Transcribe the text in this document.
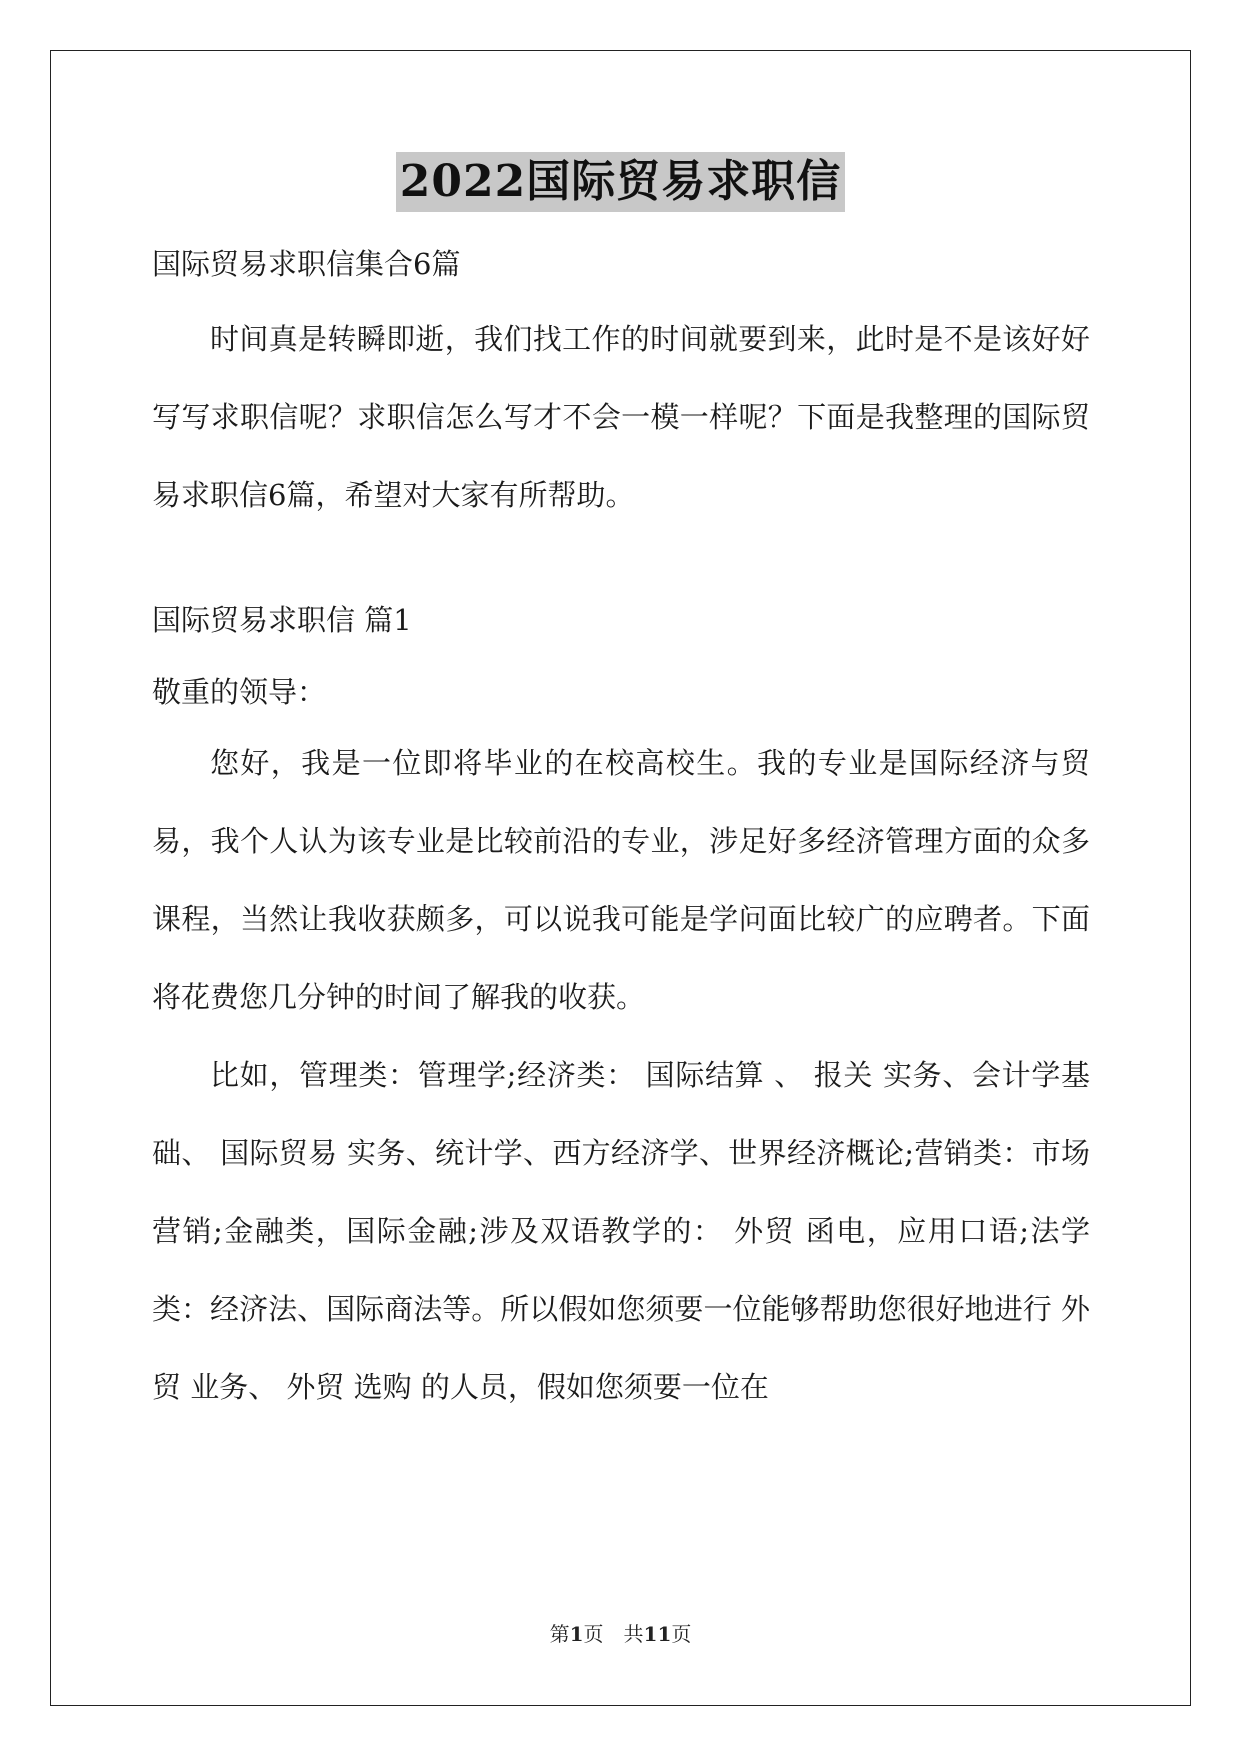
2022国际贸易求职信

国际贸易求职信集合6篇

时间真是转瞬即逝，我们找工作的时间就要到来，此时是不是该好好写写求职信呢？求职信怎么写才不会一模一样呢？下面是我整理的国际贸易求职信6篇，希望对大家有所帮助。

国际贸易求职信 篇1

敬重的领导：

您好，我是一位即将毕业的在校高校生。我的专业是国际经济与贸易，我个人认为该专业是比较前沿的专业，涉足好多经济管理方面的众多课程，当然让我收获颇多，可以说我可能是学问面比较广的应聘者。下面将花费您几分钟的时间了解我的收获。

比如，管理类：管理学;经济类： 国际结算 、 报关 实务、会计学基础、 国际贸易 实务、统计学、西方经济学、世界经济概论;营销类：市场营销;金融类，国际金融;涉及双语教学的： 外贸 函电，应用口语;法学类：经济法、国际商法等。所以假如您须要一位能够帮助您很好地进行 外贸 业务、 外贸 选购 的人员，假如您须要一位在

第1页　共11页
